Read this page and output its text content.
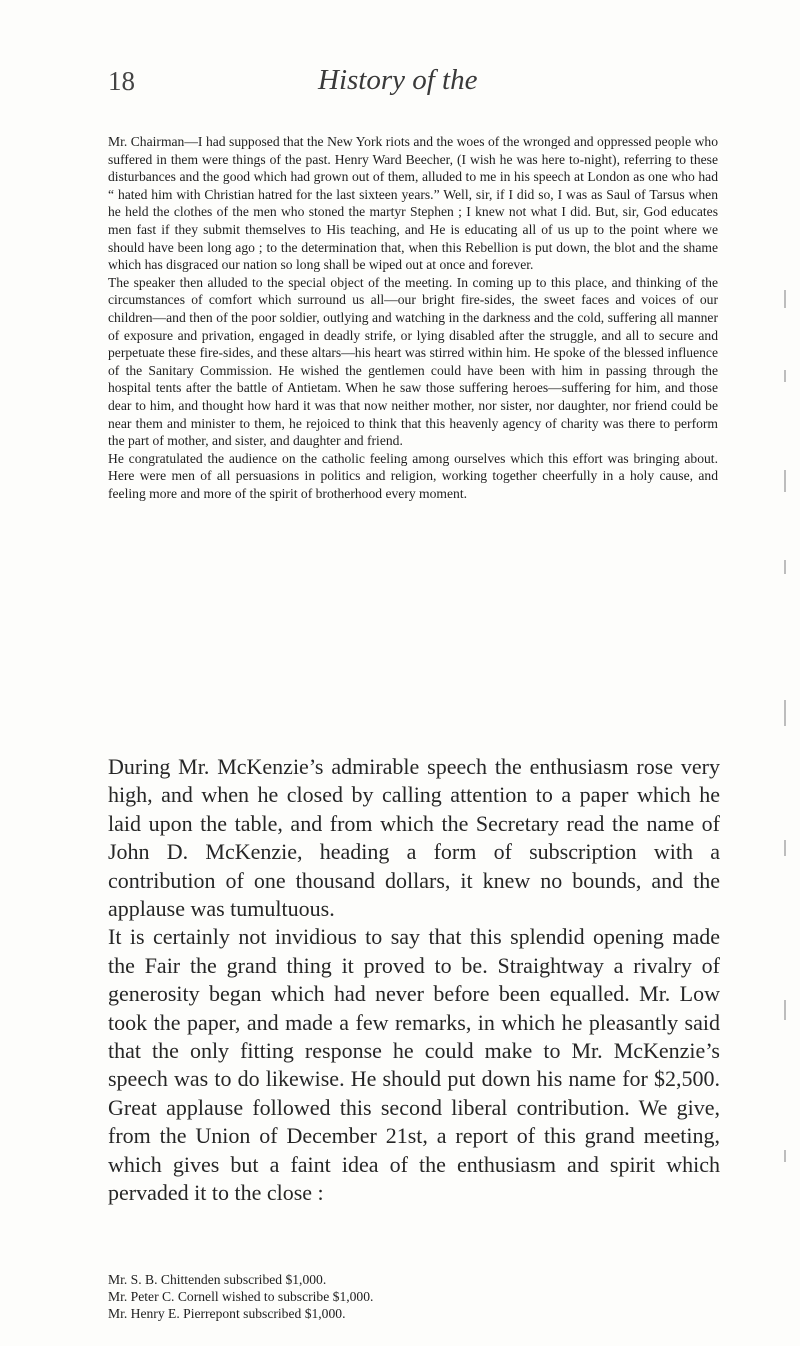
18	History of the

Mr. Chairman—I had supposed that the New York riots and the woes of the wronged and oppressed people who suffered in them were things of the past. Henry Ward Beecher, (I wish he was here to-night), referring to these disturbances and the good which had grown out of them, alluded to me in his speech at London as one who had “ hated him with Christian hatred for the last sixteen years.” Well, sir, if I did so, I was as Saul of Tarsus when he held the clothes of the men who stoned the martyr Stephen ; I knew not what I did. But, sir, God educates men fast if they submit themselves to His teaching, and He is educating all of us up to the point where we should have been long ago ; to the determination that, when this Rebellion is put down, the blot and the shame which has disgraced our nation so long shall be wiped out at once and forever.

The speaker then alluded to the special object of the meeting. In coming up to this place, and thinking of the circumstances of comfort which surround us all—our bright fire-sides, the sweet faces and voices of our children—and then of the poor soldier, outlying and watching in the darkness and the cold, suffering all manner of exposure and privation, engaged in deadly strife, or lying disabled after the struggle, and all to secure and perpetuate these fire-sides, and these altars—his heart was stirred within him. He spoke of the blessed influence of the Sanitary Commission. He wished the gentlemen could have been with him in passing through the hospital tents after the battle of Antietam. When he saw those suffering heroes—suffering for him, and those dear to him, and thought how hard it was that now neither mother, nor sister, nor daughter, nor friend could be near them and minister to them, he rejoiced to think that this heavenly agency of charity was there to perform the part of mother, and sister, and daughter and friend.

He congratulated the audience on the catholic feeling among ourselves which this effort was bringing about. Here were men of all persuasions in politics and religion, working together cheerfully in a holy cause, and feeling more and more of the spirit of brotherhood every moment.

During Mr. McKenzie’s admirable speech the enthusiasm rose very high, and when he closed by calling attention to a paper which he laid upon the table, and from which the Secretary read the name of John D. McKenzie, heading a form of subscription with a contribution of one thousand dollars, it knew no bounds, and the applause was tumultuous.

It is certainly not invidious to say that this splendid opening made the Fair the grand thing it proved to be. Straightway a rivalry of generosity began which had never before been equalled. Mr. Low took the paper, and made a few remarks, in which he pleasantly said that the only fitting response he could make to Mr. McKenzie’s speech was to do likewise. He should put down his name for $2,500. Great applause followed this second liberal contribution. We give, from the Union of December 21st, a report of this grand meeting, which gives but a faint idea of the enthusiasm and spirit which pervaded it to the close :

Mr. S. B. Chittenden subscribed $1,000.
Mr. Peter C. Cornell wished to subscribe $1,000.
Mr. Henry E. Pierrepont subscribed $1,000.
